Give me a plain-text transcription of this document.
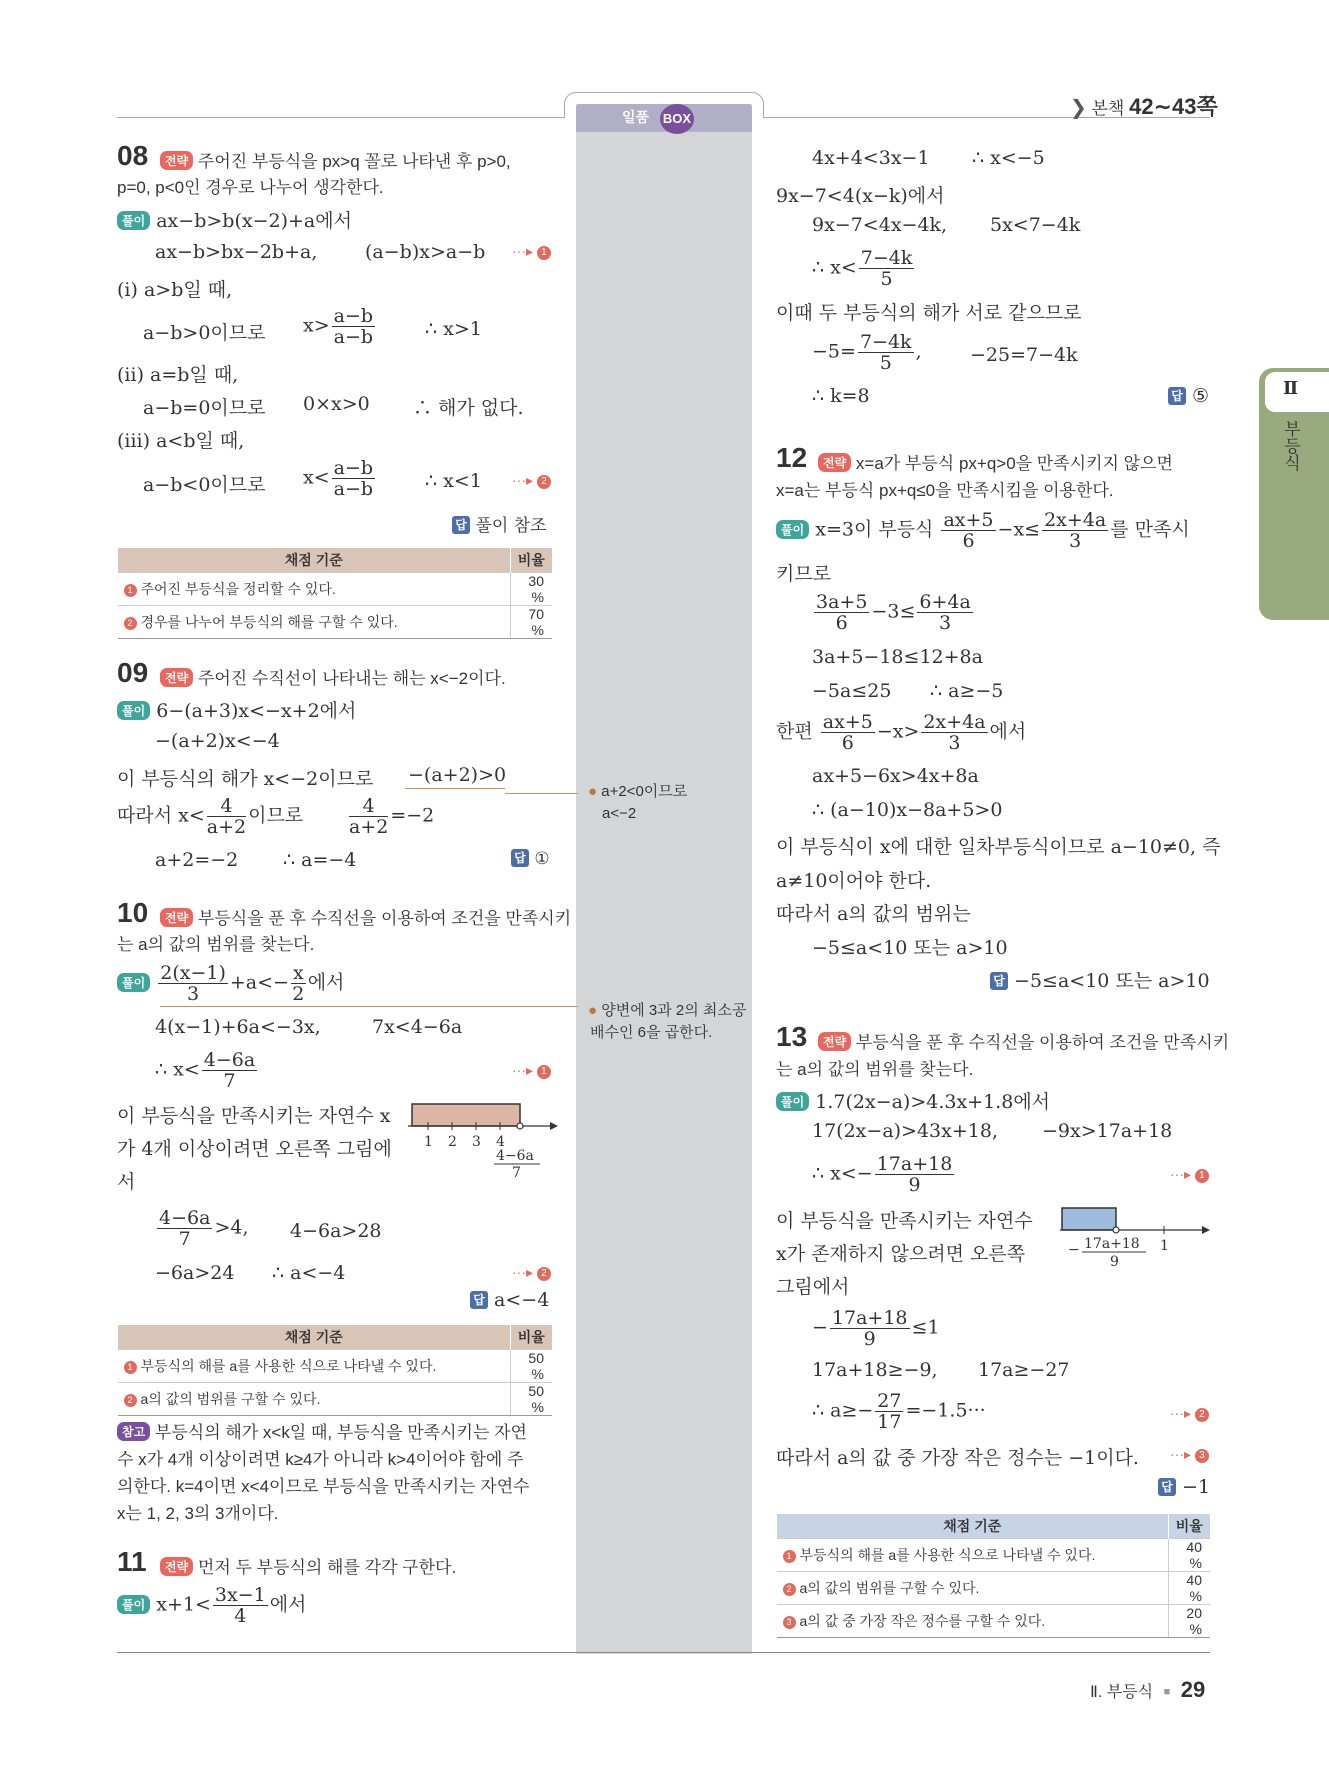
일품 BOX	❯ 본책 42∼43쪽
Ⅱ
부등식
08	전략 주어진 부등식을 px>q 꼴로 나타낸 후 p>0,
p=0, p<0인 경우로 나누어 생각한다.
풀이 ax−b>b(x−2)+a에서
ax−b>bx−2b+a,	(a−b)x>a−b ···▸ 1
(ⅰ) a>b일 때,
a−b>0이므로 $x> \frac{a-b}{a-b}$	∴ x>1
(ⅱ) a=b일 때,
a−b=0이므로 0×x>0 ∴ 해가 없다.
(ⅲ) a<b일 때,
a−b<0이므로 $x< \frac{a-b}{a-b}$	∴ x<1 ···▸ 2
답 풀이 참조
채점 기준	비율
1 주어진 부등식을 정리할 수 있다.	30 %
2 경우를 나누어 부등식의 해를 구할 수 있다.	70 %
09	전략 주어진 수직선이 나타내는 해는 x<−2이다.
풀이 6−(a+3)x<−x+2에서
−(a+2)x<−4
이 부등식의 해가 x<−2이므로 −(a+2)>0
따라서 $x< \frac{4}{a+2}$ 이므로 $\frac{4}{a+2} =-2$
a+2=−2 ∴ a=−4	답 ①
● a+2<0이므로
a<−2
10	전략 부등식을 푼 후 수직선을 이용하여 조건을 만족시키
는 a의 값의 범위를 찾는다.
풀이 $\frac{2(x-1)}{3} +a<- \frac{x}{2}$ 에서
4(x−1)+6a<−3x,	7x<4−6a
∴ $x< \frac{4-6a}{7}$	···▸ 1
이 부등식을 만족시키는 자연수 x
가 4개 이상이려면 오른쪽 그림에
서
1 2 3 4
4−6a
7
$\frac{4-6a}{7} >4$, 4−6a>28
−6a>24 ∴ a<−4	···▸ 2
답 a<−4
● 양변에 3과 2의 최소공
배수인 6을 곱한다.
채점 기준	비율
1 부등식의 해를 a를 사용한 식으로 나타낼 수 있다.	50 %
2 a의 값의 범위를 구할 수 있다.	50 %
참고 부등식의 해가 x<k일 때, 부등식을 만족시키는 자연
수 x가 4개 이상이려면 k≥4가 아니라 k>4이어야 함에 주
의한다. k=4이면 x<4이므로 부등식을 만족시키는 자연수
x는 1, 2, 3의 3개이다.
11	전략 먼저 두 부등식의 해를 각각 구한다.
풀이 $x+1< \frac{3x-1}{4}$ 에서
4x+4<3x−1 ∴ x<−5
9x−7<4(x−k)에서
9x−7<4x−4k, 5x<7−4k
∴ $x< \frac{7-4k}{5}$
이때 두 부등식의 해가 서로 같으므로
$-5= \frac{7-4k}{5}$ ,	−25=7−4k
∴ k=8	답 ⑤
12	전략 x=a가 부등식 px+q>0을 만족시키지 않으면
x=a는 부등식 px+q≤0을 만족시킴을 이용한다.
풀이 x=3이 부등식 $\frac{ax+5}{6} -x\le \frac{2x+4a}{3}$ 를 만족시
키므로
$\frac{3a+5}{6} -3\le \frac{6+4a}{3}$
3a+5−18≤12+8a
−5a≤25 ∴ a≥−5
한편 $\frac{ax+5}{6} -x> \frac{2x+4a}{3}$ 에서
ax+5−6x>4x+8a
∴ (a−10)x−8a+5>0
이 부등식이 x에 대한 일차부등식이므로 a−10≠0, 즉
a≠10이어야 한다.
따라서 a의 값의 범위는
−5≤a<10 또는 a>10
답 −5≤a<10 또는 a>10
13	전략 부등식을 푼 후 수직선을 이용하여 조건을 만족시키
는 a의 값의 범위를 찾는다.
풀이 1.7(2x−a)>4.3x+1.8에서
17(2x−a)>43x+18, −9x>17a+18
∴ $x<- \frac{17a+18}{9}$	···▸ 1
이 부등식을 만족시키는 자연수
x가 존재하지 않으려면 오른쪽
그림에서
− 17a+18
9
1
− $\frac{17a+18}{9} \le 1$
17a+18≥−9, 17a≥−27
∴ $a\ge- \frac{27}{17} =-1.5\cdot\cdot\cdot$	···▸ 2
따라서 a의 값 중 가장 작은 정수는 −1이다. ···▸ 3
답 −1
채점 기준	비율
1 부등식의 해를 a를 사용한 식으로 나타낼 수 있다.	40 %
2 a의 값의 범위를 구할 수 있다.	40 %
3 a의 값 중 가장 작은 정수를 구할 수 있다.	20 %
Ⅱ. 부등식 ■ 29
